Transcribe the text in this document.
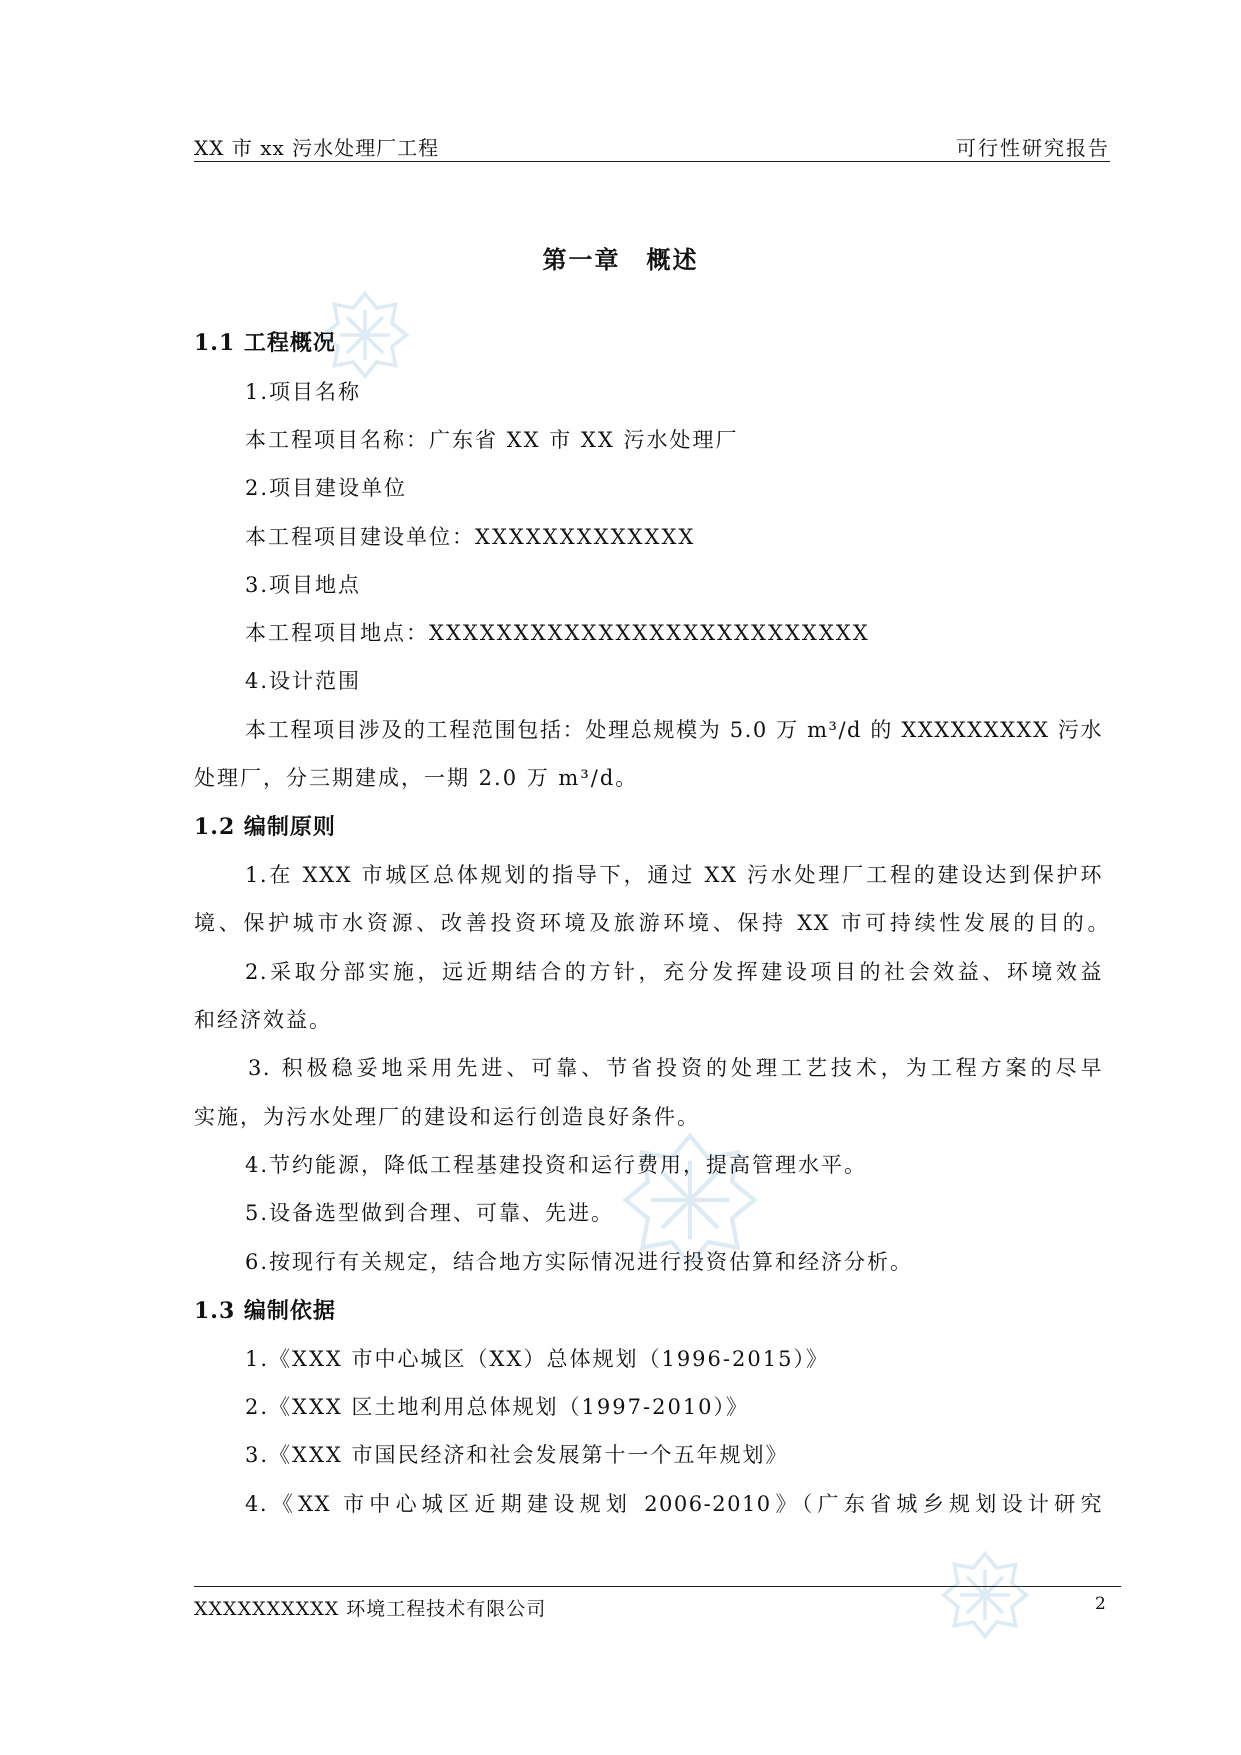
XX 市 xx 污水处理厂工程	可行性研究报告
第一章　概述
1.1 工程概况
1.项目名称
本工程项目名称：广东省 XX 市 XX 污水处理厂
2.项目建设单位
本工程项目建设单位：XXXXXXXXXXXXX
3.项目地点
本工程项目地点：XXXXXXXXXXXXXXXXXXXXXXXXXX
4.设计范围
本工程项目涉及的工程范围包括：处理总规模为 5.0 万 m³/d 的 XXXXXXXXX 污水
处理厂，分三期建成，一期 2.0 万 m³/d。
1.2 编制原则
1.在 XXX 市城区总体规划的指导下，通过 XX 污水处理厂工程的建设达到保护环
境、保护城市水资源、改善投资环境及旅游环境、保持 XX 市可持续性发展的目的。
2.采取分部实施，远近期结合的方针，充分发挥建设项目的社会效益、环境效益
和经济效益。
3. 积极稳妥地采用先进、可靠、节省投资的处理工艺技术，为工程方案的尽早
实施，为污水处理厂的建设和运行创造良好条件。
4.节约能源，降低工程基建投资和运行费用，提高管理水平。
5.设备选型做到合理、可靠、先进。
6.按现行有关规定，结合地方实际情况进行投资估算和经济分析。
1.3 编制依据
1.《XXX 市中心城区（XX）总体规划（1996-2015）》
2.《XXX 区土地利用总体规划（1997-2010）》
3.《XXX 市国民经济和社会发展第十一个五年规划》
4.《XX 市中心城区近期建设规划 2006-2010》（广东省城乡规划设计研究
XXXXXXXXXX 环境工程技术有限公司	2
